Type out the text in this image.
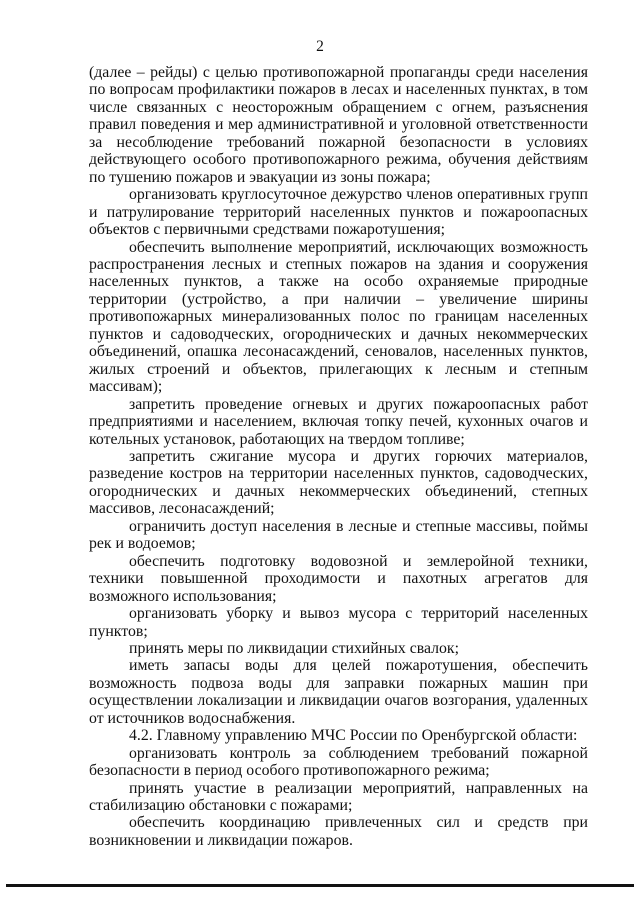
2

(далее – рейды) с целью противопожарной пропаганды среди населения по вопросам профилактики пожаров в лесах и населенных пунктах, в том числе связанных с неосторожным обращением с огнем, разъяснения правил поведения и мер административной и уголовной ответственности за несоблюдение требований пожарной безопасности в условиях действующего особого противопожарного режима, обучения действиям по тушению пожаров и эвакуации из зоны пожара;

организовать круглосуточное дежурство членов оперативных групп и патрулирование территорий населенных пунктов и пожароопасных объектов с первичными средствами пожаротушения;

обеспечить выполнение мероприятий, исключающих возможность распространения лесных и степных пожаров на здания и сооружения населенных пунктов, а также на особо охраняемые природные территории (устройство, а при наличии – увеличение ширины противопожарных минерализованных полос по границам населенных пунктов и садоводческих, огороднических и дачных некоммерческих объединений, опашка лесонасаждений, сеновалов, населенных пунктов, жилых строений и объектов, прилегающих к лесным и степным массивам);

запретить проведение огневых и других пожароопасных работ предприятиями и населением, включая топку печей, кухонных очагов и котельных установок, работающих на твердом топливе;

запретить сжигание мусора и других горючих материалов, разведение костров на территории населенных пунктов, садоводческих, огороднических и дачных некоммерческих объединений, степных массивов, лесонасаждений;

ограничить доступ населения в лесные и степные массивы, поймы рек и водоемов;

обеспечить подготовку водовозной и землеройной техники, техники повышенной проходимости и пахотных агрегатов для возможного использования;

организовать уборку и вывоз мусора с территорий населенных пунктов;

принять меры по ликвидации стихийных свалок;

иметь запасы воды для целей пожаротушения, обеспечить возможность подвоза воды для заправки пожарных машин при осуществлении локализации и ликвидации очагов возгорания, удаленных от источников водоснабжения.

4.2. Главному управлению МЧС России по Оренбургской области:

организовать контроль за соблюдением требований пожарной безопасности в период особого противопожарного режима;

принять участие в реализации мероприятий, направленных на стабилизацию обстановки с пожарами;

обеспечить координацию привлеченных сил и средств при возникновении и ликвидации пожаров.
